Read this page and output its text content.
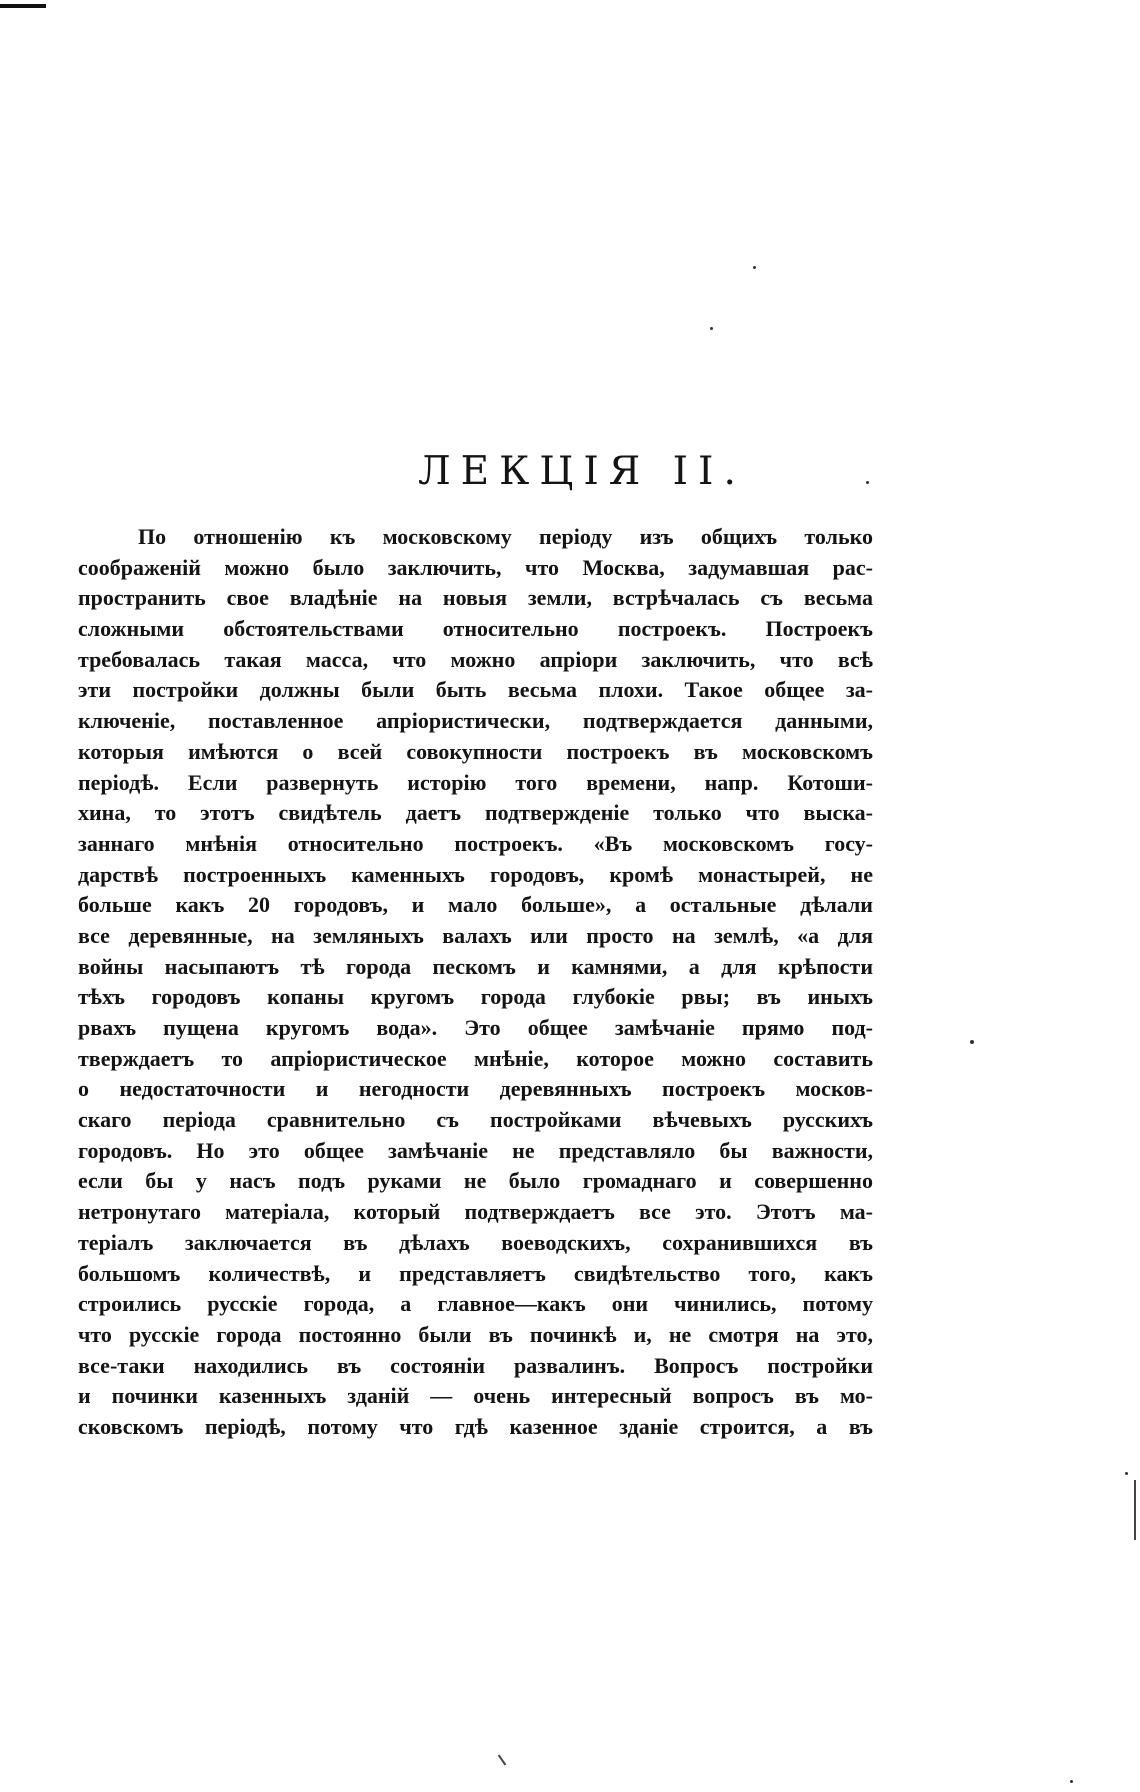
ЛЕКЦІЯ II.
По отношенію къ московскому періоду изъ общихъ только
соображеній можно было заключить, что Москва, задумавшая рас-
пространить свое владѣніе на новыя земли, встрѣчалась съ весьма
сложными обстоятельствами относительно построекъ. Построекъ
требовалась такая масса, что можно апріори заключить, что всѣ
эти постройки должны были быть весьма плохи. Такое общее за-
ключеніе, поставленное апріористически, подтверждается данными,
которыя имѣются о всей совокупности построекъ въ московскомъ
періодѣ. Если развернуть исторію того времени, напр. Котоши-
хина, то этотъ свидѣтель даетъ подтвержденіе только что выска-
заннаго мнѣнія относительно построекъ. «Въ московскомъ госу-
дарствѣ построенныхъ каменныхъ городовъ, кромѣ монастырей, не
больше какъ 20 городовъ, и мало больше», а остальные дѣлали
все деревянные, на земляныхъ валахъ или просто на землѣ, «а для
войны насыпаютъ тѣ города пескомъ и камнями, а для крѣпости
тѣхъ городовъ копаны кругомъ города глубокіе рвы; въ иныхъ
рвахъ пущена кругомъ вода». Это общее замѣчаніе прямо под-
тверждаетъ то апріористическое мнѣніе, которое можно составить
о недостаточности и негодности деревянныхъ построекъ москов-
скаго періода сравнительно съ постройками вѣчевыхъ русскихъ
городовъ. Но это общее замѣчаніе не представляло бы важности,
если бы у насъ подъ руками не было громаднаго и совершенно
нетронутаго матеріала, который подтверждаетъ все это. Этотъ ма-
теріалъ заключается въ дѣлахъ воеводскихъ, сохранившихся въ
большомъ количествѣ, и представляетъ свидѣтельство того, какъ
строились русскіе города, а главное—какъ они чинились, потому
что русскіе города постоянно были въ починкѣ и, не смотря на это,
все-таки находились въ состояніи развалинъ. Вопросъ постройки
и починки казенныхъ зданій — очень интересный вопросъ въ мо-
сковскомъ періодѣ, потому что гдѣ казенное зданіе строится, а въ
